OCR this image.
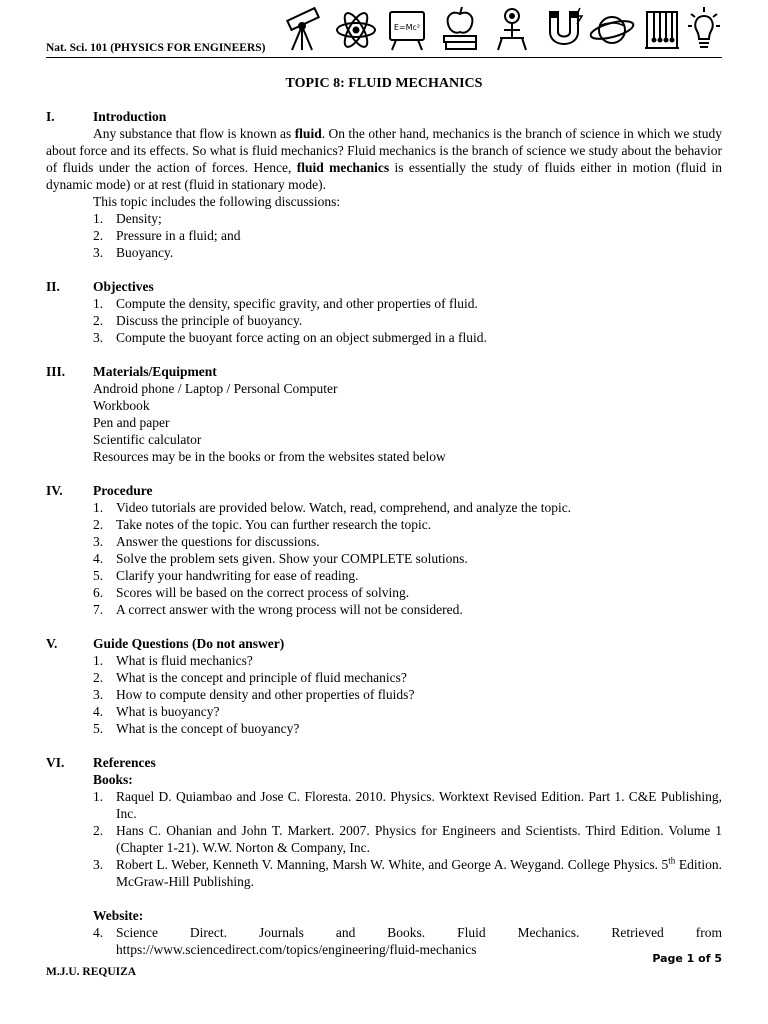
Nat. Sci. 101 (PHYSICS FOR ENGINEERS)
E=Mc²
TOPIC 8: FLUID MECHANICS
I.	Introduction
Any substance that flow is known as fluid. On the other hand, mechanics is the branch of science in which we study about force and its effects. So what is fluid mechanics? Fluid mechanics is the branch of science we study about the behavior of fluids under the action of forces. Hence, fluid mechanics is essentially the study of fluids either in motion (fluid in dynamic mode) or at rest (fluid in stationary mode).
This topic includes the following discussions:
1. Density;
2. Pressure in a fluid; and
3. Buoyancy.
II.	Objectives
1. Compute the density, specific gravity, and other properties of fluid.
2. Discuss the principle of buoyancy.
3. Compute the buoyant force acting on an object submerged in a fluid.
III.	Materials/Equipment
Android phone / Laptop / Personal Computer
Workbook
Pen and paper
Scientific calculator
Resources may be in the books or from the websites stated below
IV.	Procedure
1. Video tutorials are provided below. Watch, read, comprehend, and analyze the topic.
2. Take notes of the topic. You can further research the topic.
3. Answer the questions for discussions.
4. Solve the problem sets given. Show your COMPLETE solutions.
5. Clarify your handwriting for ease of reading.
6. Scores will be based on the correct process of solving.
7. A correct answer with the wrong process will not be considered.
V.	Guide Questions (Do not answer)
1. What is fluid mechanics?
2. What is the concept and principle of fluid mechanics?
3. How to compute density and other properties of fluids?
4. What is buoyancy?
5. What is the concept of buoyancy?
VI.	References
Books:
1. Raquel D. Quiambao and Jose C. Floresta. 2010. Physics. Worktext Revised Edition. Part 1. C&E Publishing, Inc.
2. Hans C. Ohanian and John T. Markert. 2007. Physics for Engineers and Scientists. Third Edition. Volume 1 (Chapter 1-21). W.W. Norton & Company, Inc.
3. Robert L. Weber, Kenneth V. Manning, Marsh W. White, and George A. Weygand. College Physics. 5th Edition. McGraw-Hill Publishing.
Website:
4. Science Direct. Journals and Books. Fluid Mechanics. Retrieved from
https://www.sciencedirect.com/topics/engineering/fluid-mechanics
Page 1 of 5
M.J.U. REQUIZA
